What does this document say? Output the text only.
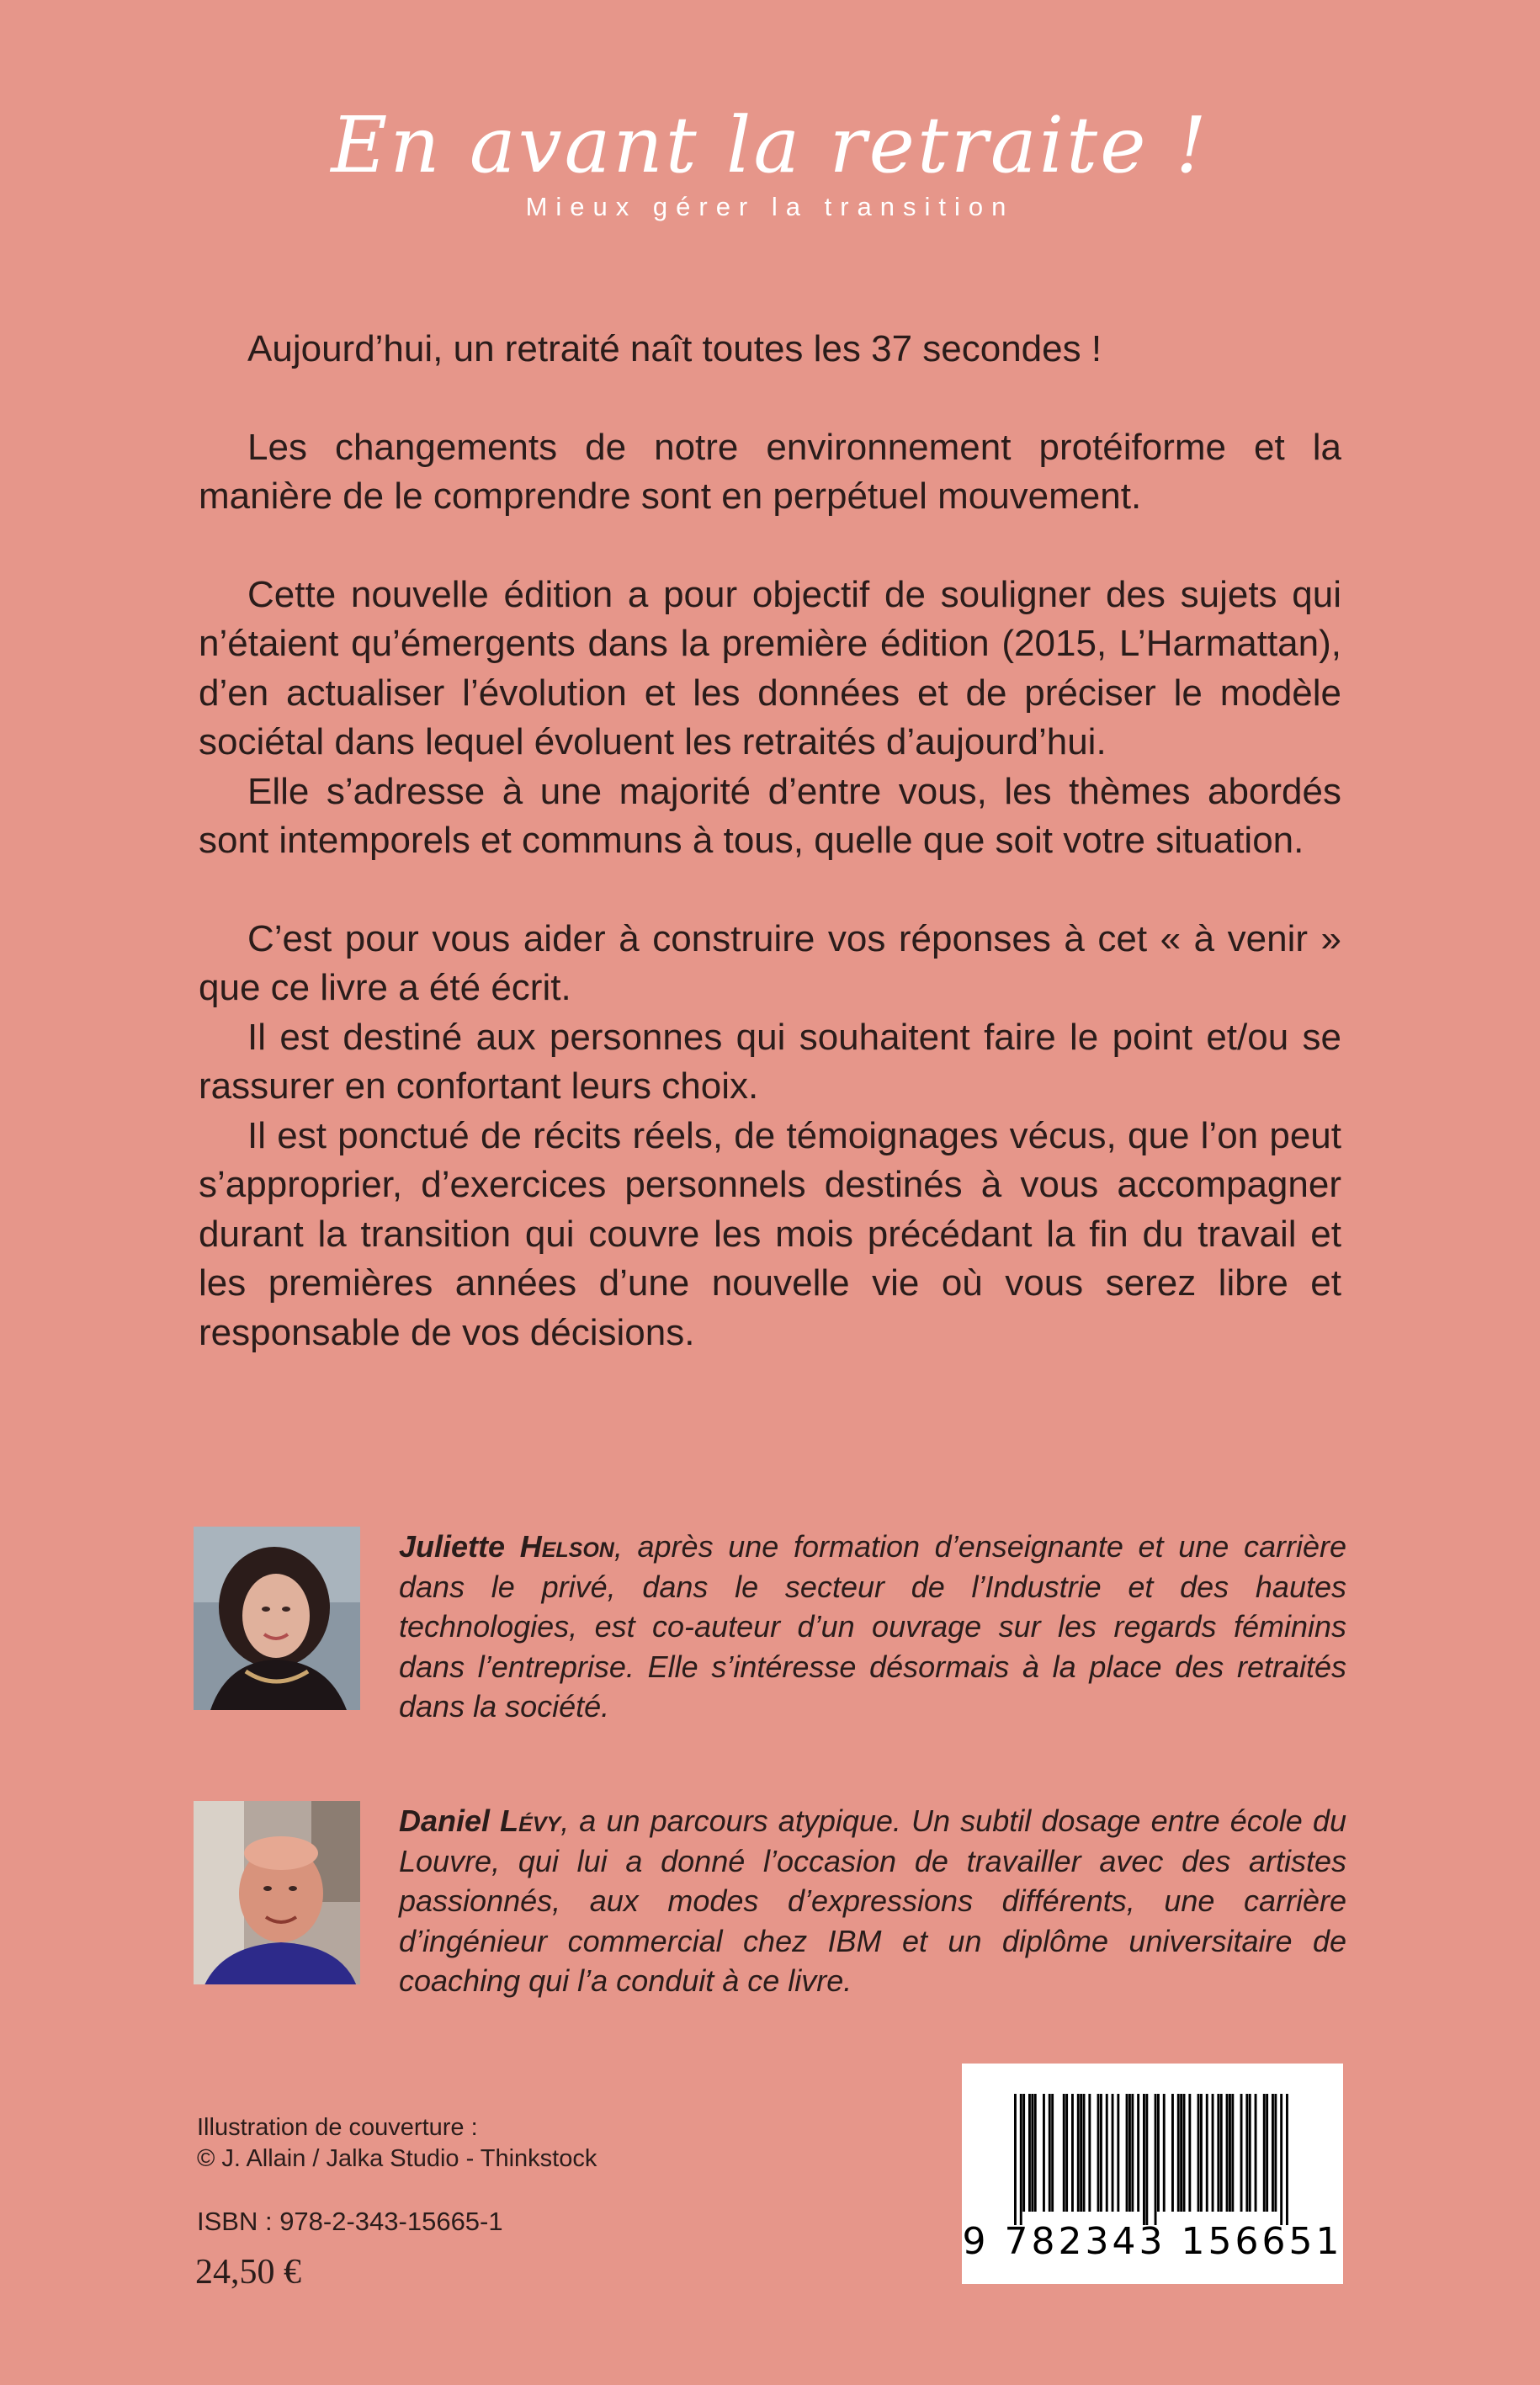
En avant la retraite !
Mieux gérer la transition

Aujourd’hui, un retraité naît toutes les 37 secondes !

Les changements de notre environnement protéiforme et la manière de le comprendre sont en perpétuel mouvement.

Cette nouvelle édition a pour objectif de souligner des sujets qui n’étaient qu’émergents dans la première édition (2015, L’Harmattan), d’en actualiser l’évolution et les données et de préciser le modèle sociétal dans lequel évoluent les retraités d’aujourd’hui.

Elle s’adresse à une majorité d’entre vous, les thèmes abordés sont intemporels et communs à tous, quelle que soit votre situation.

C’est pour vous aider à construire vos réponses à cet « à venir » que ce livre a été écrit.

Il est destiné aux personnes qui souhaitent faire le point et/ou se rassurer en confortant leurs choix.

Il est ponctué de récits réels, de témoignages vécus, que l’on peut s’approprier, d’exercices personnels destinés à vous accompagner durant la transition qui couvre les mois précédant la fin du travail et les premières années d’une nouvelle vie où vous serez libre et responsable de vos décisions.

Juliette Helson, après une formation d’enseignante et une carrière dans le privé, dans le secteur de l’Industrie et des hautes technologies, est co-auteur d’un ouvrage sur les regards féminins dans l’entreprise. Elle s’intéresse désormais à la place des retraités dans la société.
Daniel Lévy, a un parcours atypique. Un subtil dosage entre école du Louvre, qui lui a donné l’occasion de travailler avec des artistes passionnés, aux modes d’expressions différents, une carrière d’ingénieur commercial chez IBM et un diplôme universitaire de coaching qui l’a conduit à ce livre.
Illustration de couverture :
© J. Allain / Jalka Studio - Thinkstock
ISBN : 978-2-343-15665-1
24,50 €
9 782343 156651
